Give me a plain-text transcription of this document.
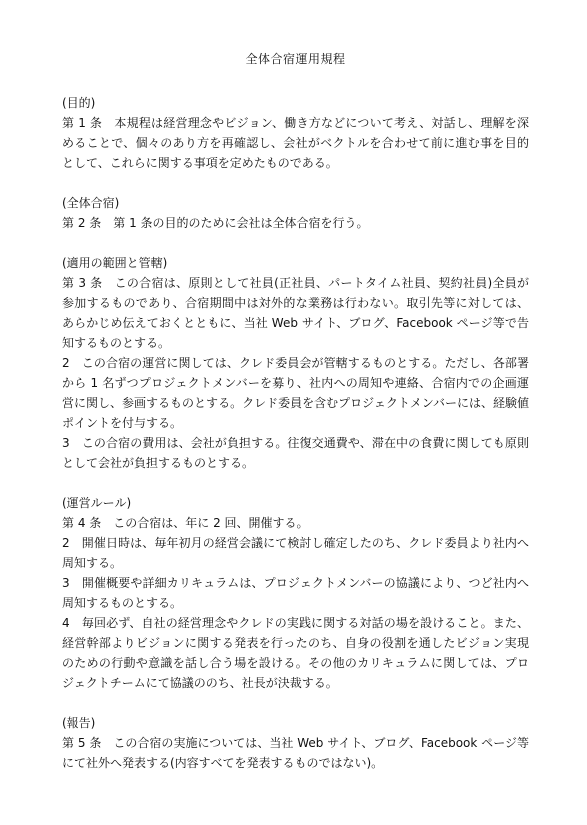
全体合宿運用規程
(目的)
第 1 条　本規程は経営理念やビジョン、働き方などについて考え、対話し、理解を深めることで、個々のあり方を再確認し、会社がベクトルを合わせて前に進む事を目的として、これらに関する事項を定めたものである。
(全体合宿)
第 2 条　第 1 条の目的のために会社は全体合宿を行う。
(適用の範囲と管轄)
第 3 条　この合宿は、原則として社員(正社員、パートタイム社員、契約社員)全員が参加するものであり、合宿期間中は対外的な業務は行わない。取引先等に対しては、あらかじめ伝えておくとともに、当社 Web サイト、ブログ、Facebook ページ等で告知するものとする。
2　この合宿の運営に関しては、クレド委員会が管轄するものとする。ただし、各部署から 1 名ずつプロジェクトメンバーを募り、社内への周知や連絡、合宿内での企画運営に関し、参画するものとする。クレド委員を含むプロジェクトメンバーには、経験値ポイントを付与する。
3　この合宿の費用は、会社が負担する。往復交通費や、滞在中の食費に関しても原則として会社が負担するものとする。
(運営ルール)
第 4 条　この合宿は、年に 2 回、開催する。
2　開催日時は、毎年初月の経営会議にて検討し確定したのち、クレド委員より社内へ周知する。
3　開催概要や詳細カリキュラムは、プロジェクトメンバーの協議により、つど社内へ周知するものとする。
4　毎回必ず、自社の経営理念やクレドの実践に関する対話の場を設けること。また、経営幹部よりビジョンに関する発表を行ったのち、自身の役割を通したビジョン実現のための行動や意識を話し合う場を設ける。その他のカリキュラムに関しては、プロジェクトチームにて協議ののち、社長が決裁する。
(報告)
第 5 条　この合宿の実施については、当社 Web サイト、ブログ、Facebook ページ等にて社外へ発表する(内容すべてを発表するものではない)。
